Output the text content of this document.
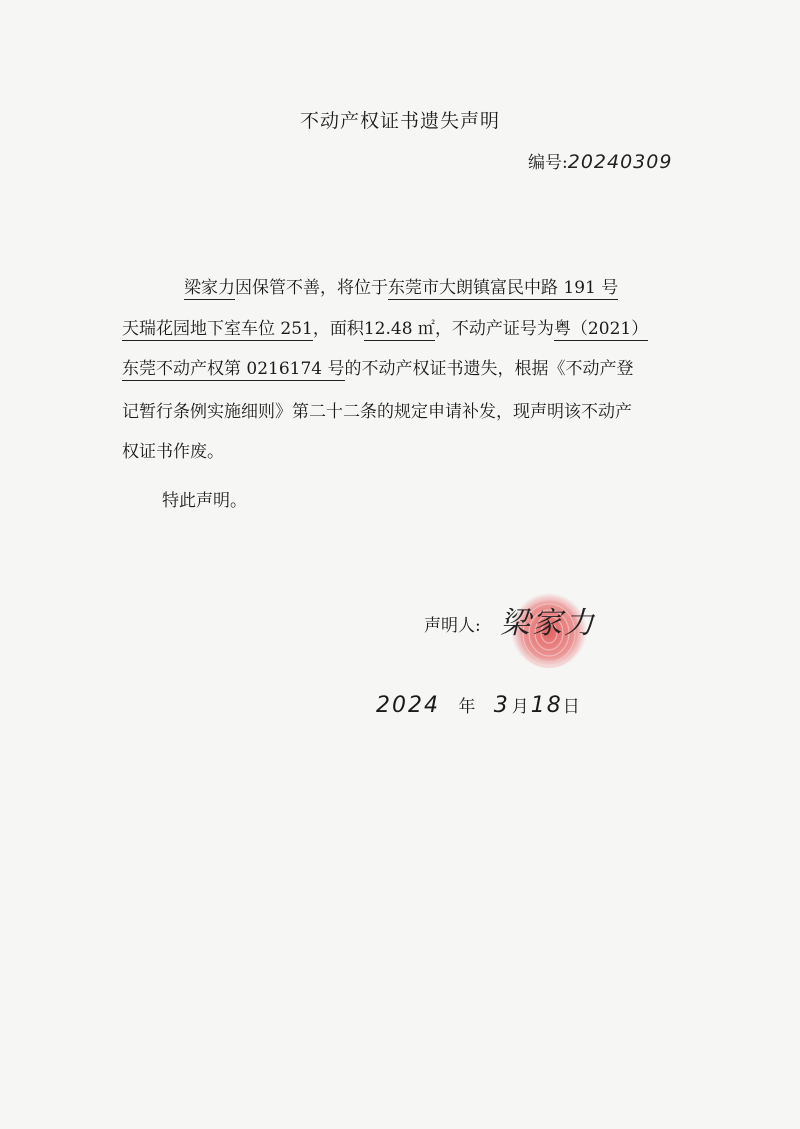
不动产权证书遗失声明
编号:20240309
梁家力因保管不善，将位于东莞市大朗镇富民中路 191 号
天瑞花园地下室车位 251，面积12.48 ㎡，不动产证号为粤（2021）
东莞不动产权第 0216174 号的不动产权证书遗失，根据《不动产登
记暂行条例实施细则》第二十二条的规定申请补发，现声明该不动产
权证书作废。
特此声明。
声明人: 梁家力
2024 年 3 月18日
